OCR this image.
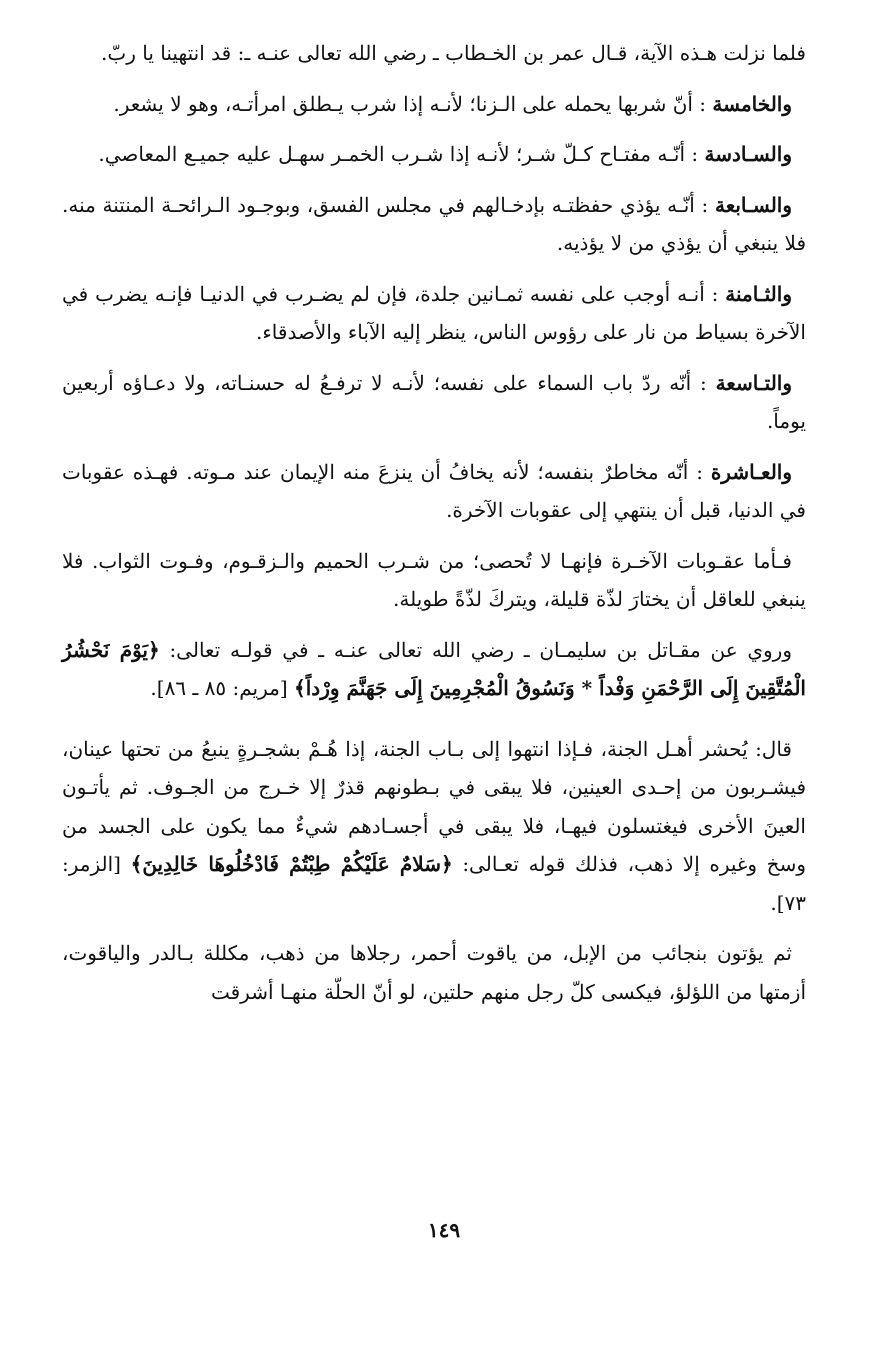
فلما نزلت هـذه الآية، قـال عمر بن الخـطاب ـ رضي الله تعالى عنـه ـ: قد انتهينا يا ربّ.

والخامسة : أنّ شربها يحمله على الـزنا؛ لأنـه إذا شرب يـطلق امرأتـه، وهو لا يشعر.

والسـادسة : أنّـه مفتـاح كـلّ شـر؛ لأنـه إذا شـرب الخمـر سهـل عليه جميـع المعاصي.

والسـابعة : أنّـه يؤذي حفظتـه بإدخـالهم في مجلس الفسق، وبوجـود الـرائحـة المنتنة منه. فلا ينبغي أن يؤذي من لا يؤذيه.

والثـامنة : أنـه أوجب على نفسه ثمـانين جلدة، فإن لم يضـرب في الدنيـا فإنـه يضرب في الآخرة بسياط من نار على رؤوس الناس، ينظر إليه الآباء والأصدقاء.

والتـاسعة : أنّه ردّ باب السماء على نفسه؛ لأنـه لا ترفـعُ له حسنـاته، ولا دعـاؤه أربعين يوماً.

والعـاشرة : أنّه مخاطرٌ بنفسه؛ لأنه يخافُ أن ينزعَ منه الإيمان عند مـوته. فهـذه عقوبات في الدنيا، قبل أن ينتهي إلى عقوبات الآخرة.

فـأما عقـوبات الآخـرة فإنهـا لا تُحصى؛ من شـرب الحميم والـزقـوم، وفـوت الثواب. فلا ينبغي للعاقل أن يختارَ لذّة قليلة، ويتركَ لذّةً طويلة.

وروي عن مقـاتل بن سليمـان ـ رضي الله تعالى عنـه ـ في قولـه تعالى: ﴿يَوْمَ نَحْشُرُ الْمُتَّقِينَ إِلَى الرَّحْمَنِ وَفْداً * وَنَسُوقُ الْمُجْرِمِينَ إِلَى جَهَنَّمَ وِرْداً﴾ [مريم: ٨٥ ـ ٨٦].

قال: يُحشر أهـل الجنة، فـإذا انتهوا إلى بـاب الجنة، إذا هُـمْ بشجـرةٍ ينبعُ من تحتها عينان، فيشـربون من إحـدى العينين، فلا يبقى في بـطونهم قذرٌ إلا خـرج من الجـوف. ثم يأتـون العينَ الأخرى فيغتسلون فيهـا، فلا يبقى في أجسـادهم شيءٌ مما يكون على الجسد من وسخ وغيره إلا ذهب، فذلك قوله تعـالى: ﴿سَلامٌ عَلَيْكُمْ طِبْتُمْ فَادْخُلُوهَا خَالِدِينَ﴾ [الزمر: ٧٣].

ثم يؤتون بنجائب من الإبل، من ياقوت أحمر، رجلاها من ذهب، مكللة بـالدر والياقوت، أزمتها من اللؤلؤ، فيكسى كلّ رجل منهم حلتين، لو أنّ الحلّة منهـا أشرقت

١٤٩
